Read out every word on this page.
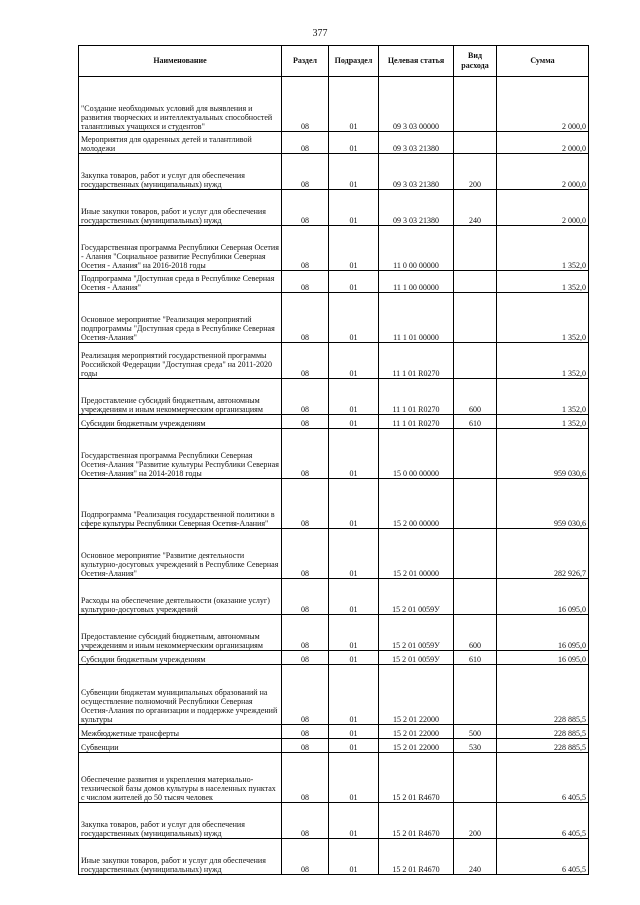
377
Наименование	Раздел	Подраздел	Целевая статья	Вид расхода	Сумма
"Создание необходимых условий для выявления и развития творческих и интеллектуальных способностей талантливых учащихся и студентов"	08	01	09 3 03 00000		2 000,0
Мероприятия для одаренных детей и талантливой молодежи	08	01	09 3 03 21380		2 000,0
Закупка товаров, работ и услуг для обеспечения государственных (муниципальных) нужд	08	01	09 3 03 21380	200	2 000,0
Иные закупки товаров, работ и услуг для обеспечения государственных (муниципальных) нужд	08	01	09 3 03 21380	240	2 000,0
Государственная программа Республики Северная Осетия - Алания "Социальное развитие Республики Северная Осетия - Алания" на 2016-2018 годы	08	01	11 0 00 00000		1 352,0
Подпрограмма "Доступная среда в Республике Северная Осетия - Алания"	08	01	11 1 00 00000		1 352,0
Основное мероприятие "Реализация мероприятий подпрограммы "Доступная среда в Республике Северная Осетия-Алания"	08	01	11 1 01 00000		1 352,0
Реализация мероприятий государственной программы Российской Федерации "Доступная среда" на 2011-2020 годы	08	01	11 1 01 R0270		1 352,0
Предоставление субсидий бюджетным, автономным учреждениям и иным некоммерческим организациям	08	01	11 1 01 R0270	600	1 352,0
Субсидии бюджетным учреждениям	08	01	11 1 01 R0270	610	1 352,0
Государственная программа Республики Северная Осетия-Алания "Развитие культуры Республики Северная Осетия-Алания" на 2014-2018 годы	08	01	15 0 00 00000		959 030,6
Подпрограмма "Реализация государственной политики в сфере культуры Республики Северная Осетия-Алания"	08	01	15 2 00 00000		959 030,6
Основное мероприятие "Развитие деятельности культурно-досуговых учреждений в Республике Северная Осетия-Алания"	08	01	15 2 01 00000		282 926,7
Расходы на обеспечение деятельности (оказание услуг) культурно-досуговых учреждений	08	01	15 2 01 0059У		16 095,0
Предоставление субсидий бюджетным, автономным учреждениям и иным некоммерческим организациям	08	01	15 2 01 0059У	600	16 095,0
Субсидии бюджетным учреждениям	08	01	15 2 01 0059У	610	16 095,0
Субвенции бюджетам муниципальных образований на осуществление полномочий Республики Северная Осетия-Алания по организации и поддержке учреждений культуры	08	01	15 2 01 22000		228 885,5
Межбюджетные трансферты	08	01	15 2 01 22000	500	228 885,5
Субвенции	08	01	15 2 01 22000	530	228 885,5
Обеспечение развития и укрепления материально-технической базы домов культуры в населенных пунктах с числом жителей до 50 тысяч человек	08	01	15 2 01 R4670		6 405,5
Закупка товаров, работ и услуг для обеспечения государственных (муниципальных) нужд	08	01	15 2 01 R4670	200	6 405,5
Иные закупки товаров, работ и услуг для обеспечения государственных (муниципальных) нужд	08	01	15 2 01 R4670	240	6 405,5
